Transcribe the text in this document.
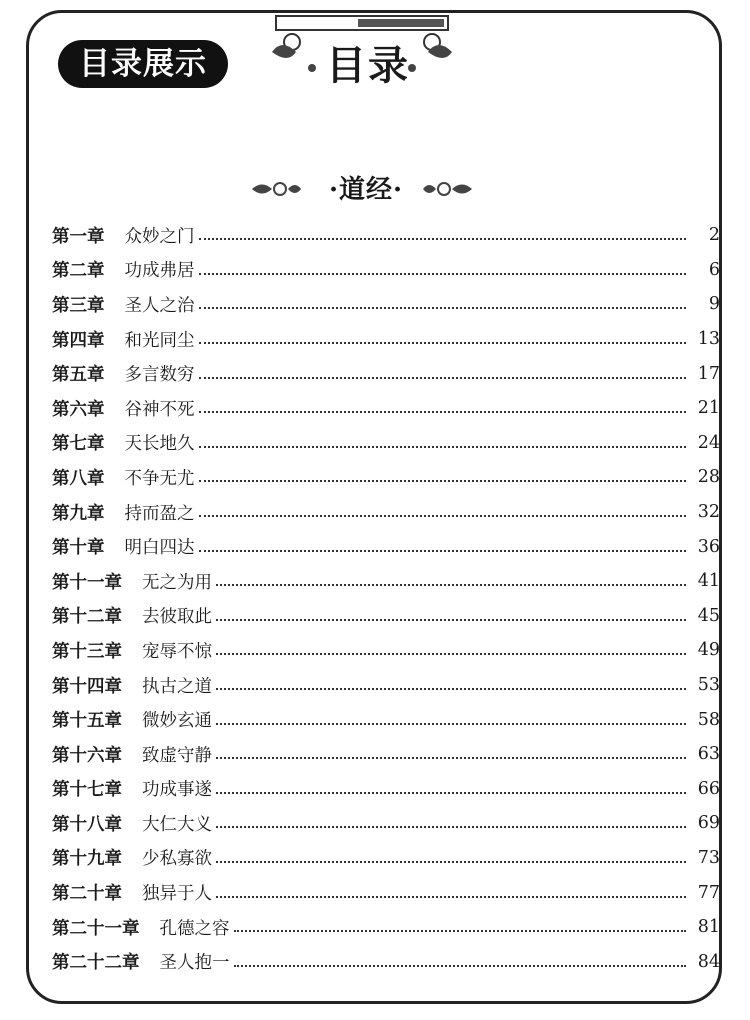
目录展示	目录
·道经·
第一章	众妙之门	2
第二章	功成弗居	6
第三章	圣人之治	9
第四章	和光同尘	13
第五章	多言数穷	17
第六章	谷神不死	21
第七章	天长地久	24
第八章	不争无尤	28
第九章	持而盈之	32
第十章	明白四达	36
第十一章	无之为用	41
第十二章	去彼取此	45
第十三章	宠辱不惊	49
第十四章	执古之道	53
第十五章	微妙玄通	58
第十六章	致虚守静	63
第十七章	功成事遂	66
第十八章	大仁大义	69
第十九章	少私寡欲	73
第二十章	独异于人	77
第二十一章	孔德之容	81
第二十二章	圣人抱一	84
